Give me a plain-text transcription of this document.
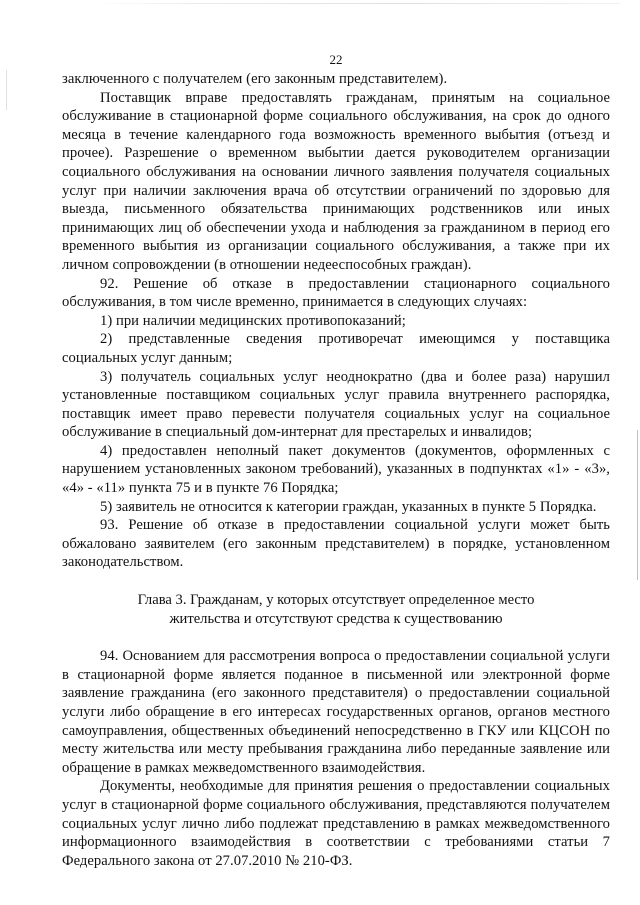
22

заключенного с получателем (его законным представителем).

Поставщик вправе предоставлять гражданам, принятым на социальное обслуживание в стационарной форме социального обслуживания, на срок до одного месяца в течение календарного года возможность временного выбытия (отъезд и прочее). Разрешение о временном выбытии дается руководителем организации социального обслуживания на основании личного заявления получателя социальных услуг при наличии заключения врача об отсутствии ограничений по здоровью для выезда, письменного обязательства принимающих родственников или иных принимающих лиц об обеспечении ухода и наблюдения за гражданином в период его временного выбытия из организации социального обслуживания, а также при их личном сопровождении (в отношении недееспособных граждан).

92. Решение об отказе в предоставлении стационарного социального обслуживания, в том числе временно, принимается в следующих случаях:

1) при наличии медицинских противопоказаний;

2) представленные сведения противоречат имеющимся у поставщика социальных услуг данным;

3) получатель социальных услуг неоднократно (два и более раза) нарушил установленные поставщиком социальных услуг правила внутреннего распорядка, поставщик имеет право перевести получателя социальных услуг на социальное обслуживание в специальный дом-интернат для престарелых и инвалидов;

4) предоставлен неполный пакет документов (документов, оформленных с нарушением установленных законом требований), указанных в подпунктах «1» - «3», «4» - «11» пункта 75 и в пункте 76 Порядка;

5) заявитель не относится к категории граждан, указанных в пункте 5 Порядка.

93. Решение об отказе в предоставлении социальной услуги может быть обжаловано заявителем (его законным представителем) в порядке, установленном законодательством.

Глава 3. Гражданам, у которых отсутствует определенное место
жительства и отсутствуют средства к существованию

94. Основанием для рассмотрения вопроса о предоставлении социальной услуги в стационарной форме является поданное в письменной или электронной форме заявление гражданина (его законного представителя) о предоставлении социальной услуги либо обращение в его интересах государственных органов, органов местного самоуправления, общественных объединений непосредственно в ГКУ или КЦСОН по месту жительства или месту пребывания гражданина либо переданные заявление или обращение в рамках межведомственного взаимодействия.

Документы, необходимые для принятия решения о предоставлении социальных услуг в стационарной форме социального обслуживания, представляются получателем социальных услуг лично либо подлежат представлению в рамках межведомственного информационного взаимодействия в соответствии с требованиями статьи 7 Федерального закона от 27.07.2010 № 210-ФЗ.
